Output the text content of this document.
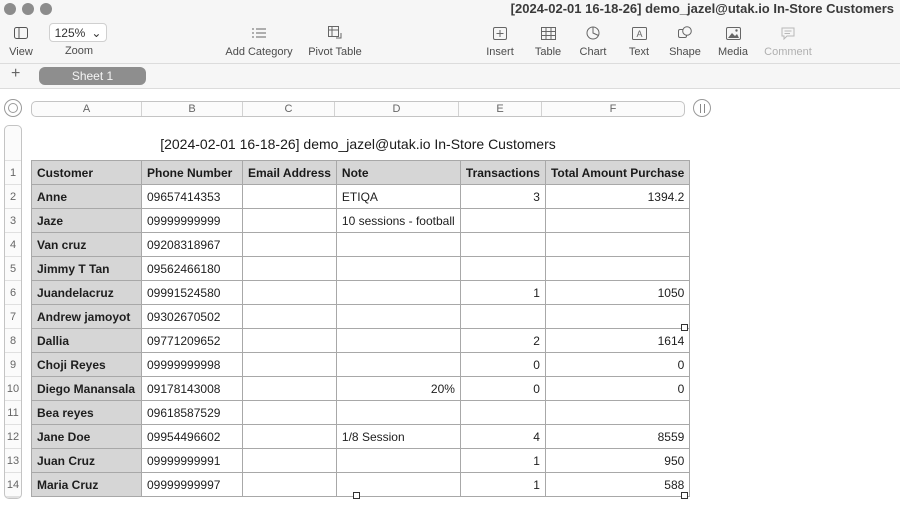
[2024-02-01 16-18-26] demo_jazel@utak.io In-Store Customers
View
125% ⌄
Zoom	Add Category	Pivot Table	Insert	Table	Chart
A
Text	Shape	Media	Comment
+	Sheet 1
A	B	C	D	E	F
1
2
3
4
5
6
7
8
9
10
11
12
13
14
[2024-02-01 16-18-26] demo_jazel@utak.io In-Store Customers
Customer	Phone Number	Email Address	Note	Transactions	Total Amount Purchase
Anne	09657414353		ETIQA	3	1394.2
Jaze	09999999999		10 sessions - football		
Van cruz	09208318967				
Jimmy T Tan	09562466180				
Juandelacruz	09991524580			1	1050
Andrew jamoyot	09302670502				
Dallia	09771209652			2	1614
Choji Reyes	09999999998			0	0
Diego Manansala	09178143008		20%	0	0
Bea reyes	09618587529				
Jane Doe	09954496602		1/8 Session	4	8559
Juan Cruz	09999999991			1	950
Maria Cruz	09999999997			1	588
